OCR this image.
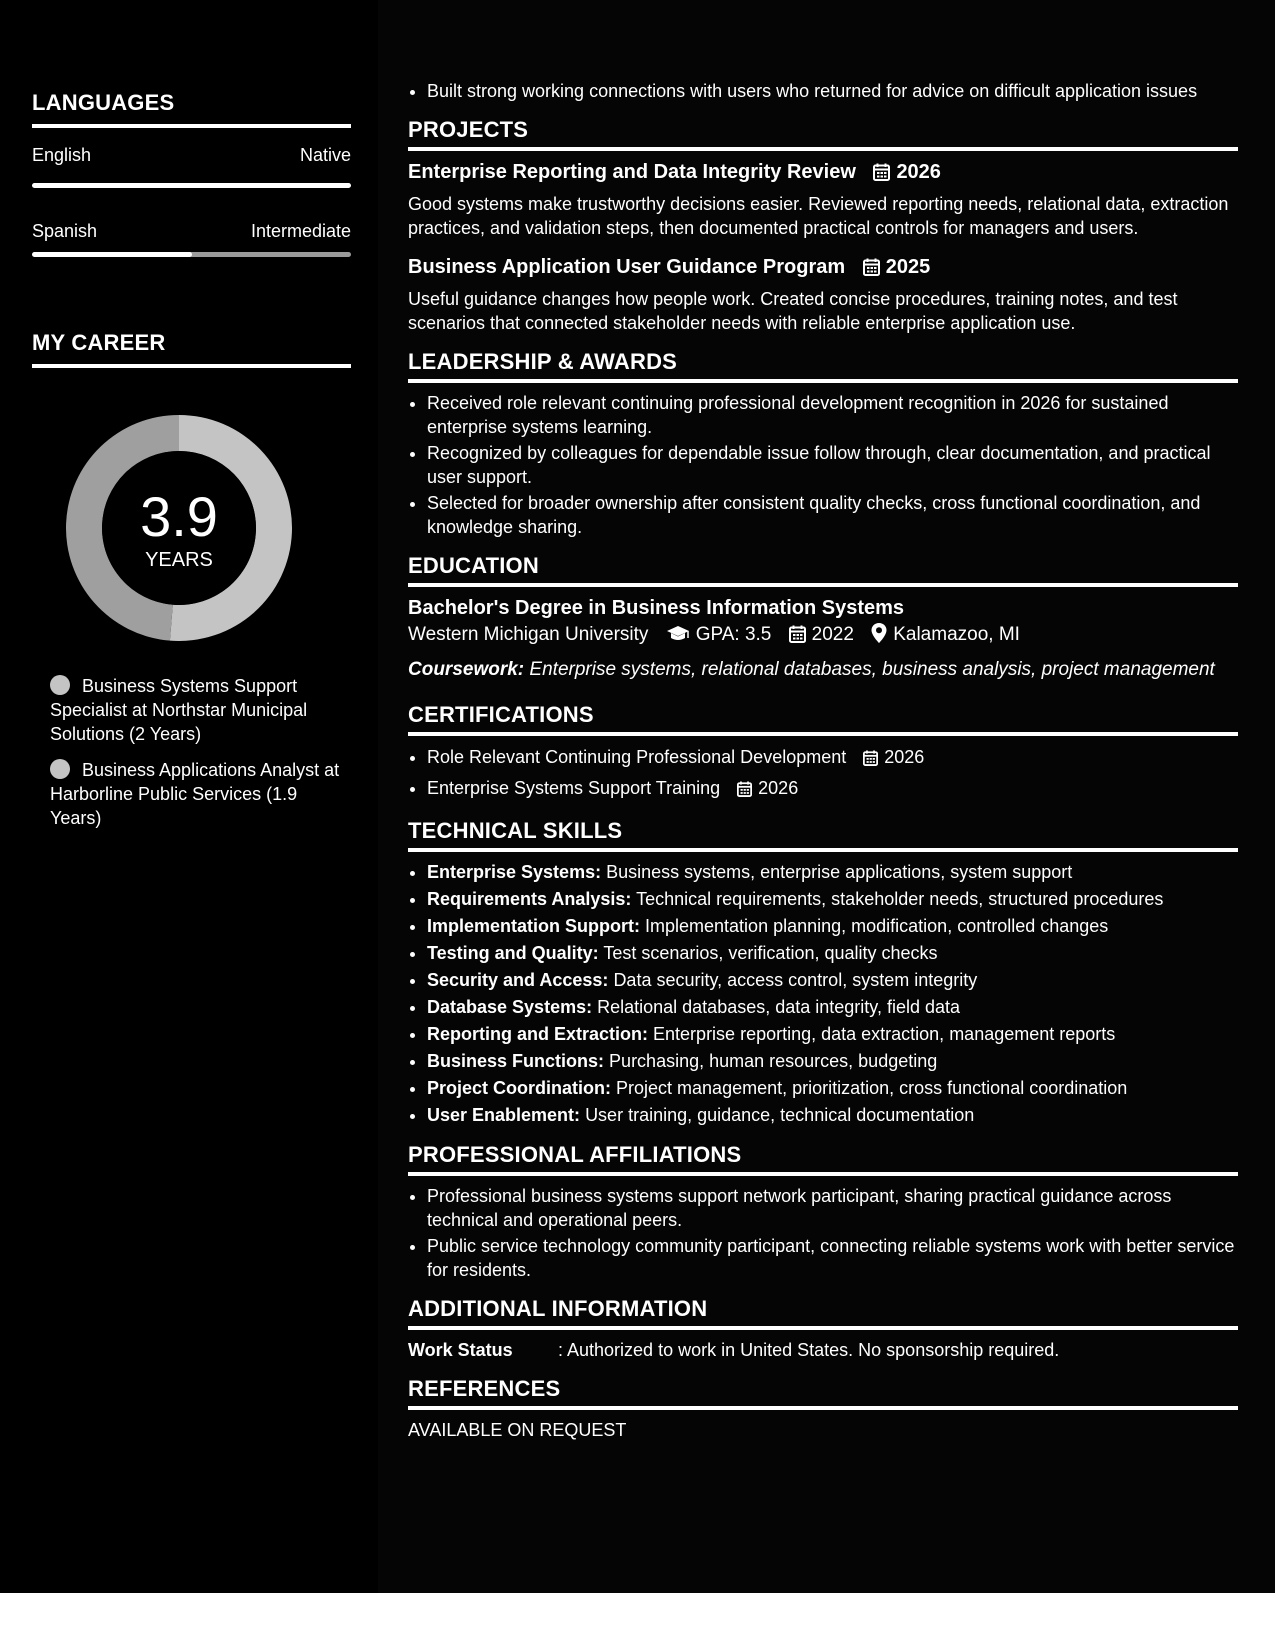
LANGUAGES
English	Native
Spanish	Intermediate
MY CAREER
3.9
YEARS
Business Systems Support Specialist at Northstar Municipal Solutions (2 Years)
Business Applications Analyst at Harborline Public Services (1.9 Years)
• Built strong working connections with users who returned for advice on difficult application issues
PROJECTS
Enterprise Reporting and Data Integrity Review 2026
Good systems make trustworthy decisions easier. Reviewed reporting needs, relational data, extraction practices, and validation steps, then documented practical controls for managers and users.
Business Application User Guidance Program 2025
Useful guidance changes how people work. Created concise procedures, training notes, and test scenarios that connected stakeholder needs with reliable enterprise application use.
LEADERSHIP & AWARDS
• Received role relevant continuing professional development recognition in 2026 for sustained enterprise systems learning.
• Recognized by colleagues for dependable issue follow through, clear documentation, and practical user support.
• Selected for broader ownership after consistent quality checks, cross functional coordination, and knowledge sharing.
EDUCATION
Bachelor's Degree in Business Information Systems
Western Michigan University GPA: 3.5 2022 Kalamazoo, MI
Coursework: Enterprise systems, relational databases, business analysis, project management
CERTIFICATIONS
• Role Relevant Continuing Professional Development 2026
• Enterprise Systems Support Training 2026
TECHNICAL SKILLS
• Enterprise Systems: Business systems, enterprise applications, system support
• Requirements Analysis: Technical requirements, stakeholder needs, structured procedures
• Implementation Support: Implementation planning, modification, controlled changes
• Testing and Quality: Test scenarios, verification, quality checks
• Security and Access: Data security, access control, system integrity
• Database Systems: Relational databases, data integrity, field data
• Reporting and Extraction: Enterprise reporting, data extraction, management reports
• Business Functions: Purchasing, human resources, budgeting
• Project Coordination: Project management, prioritization, cross functional coordination
• User Enablement: User training, guidance, technical documentation
PROFESSIONAL AFFILIATIONS
• Professional business systems support network participant, sharing practical guidance across technical and operational peers.
• Public service technology community participant, connecting reliable systems work with better service for residents.
ADDITIONAL INFORMATION
Work Status	: Authorized to work in United States. No sponsorship required.
REFERENCES
AVAILABLE ON REQUEST
